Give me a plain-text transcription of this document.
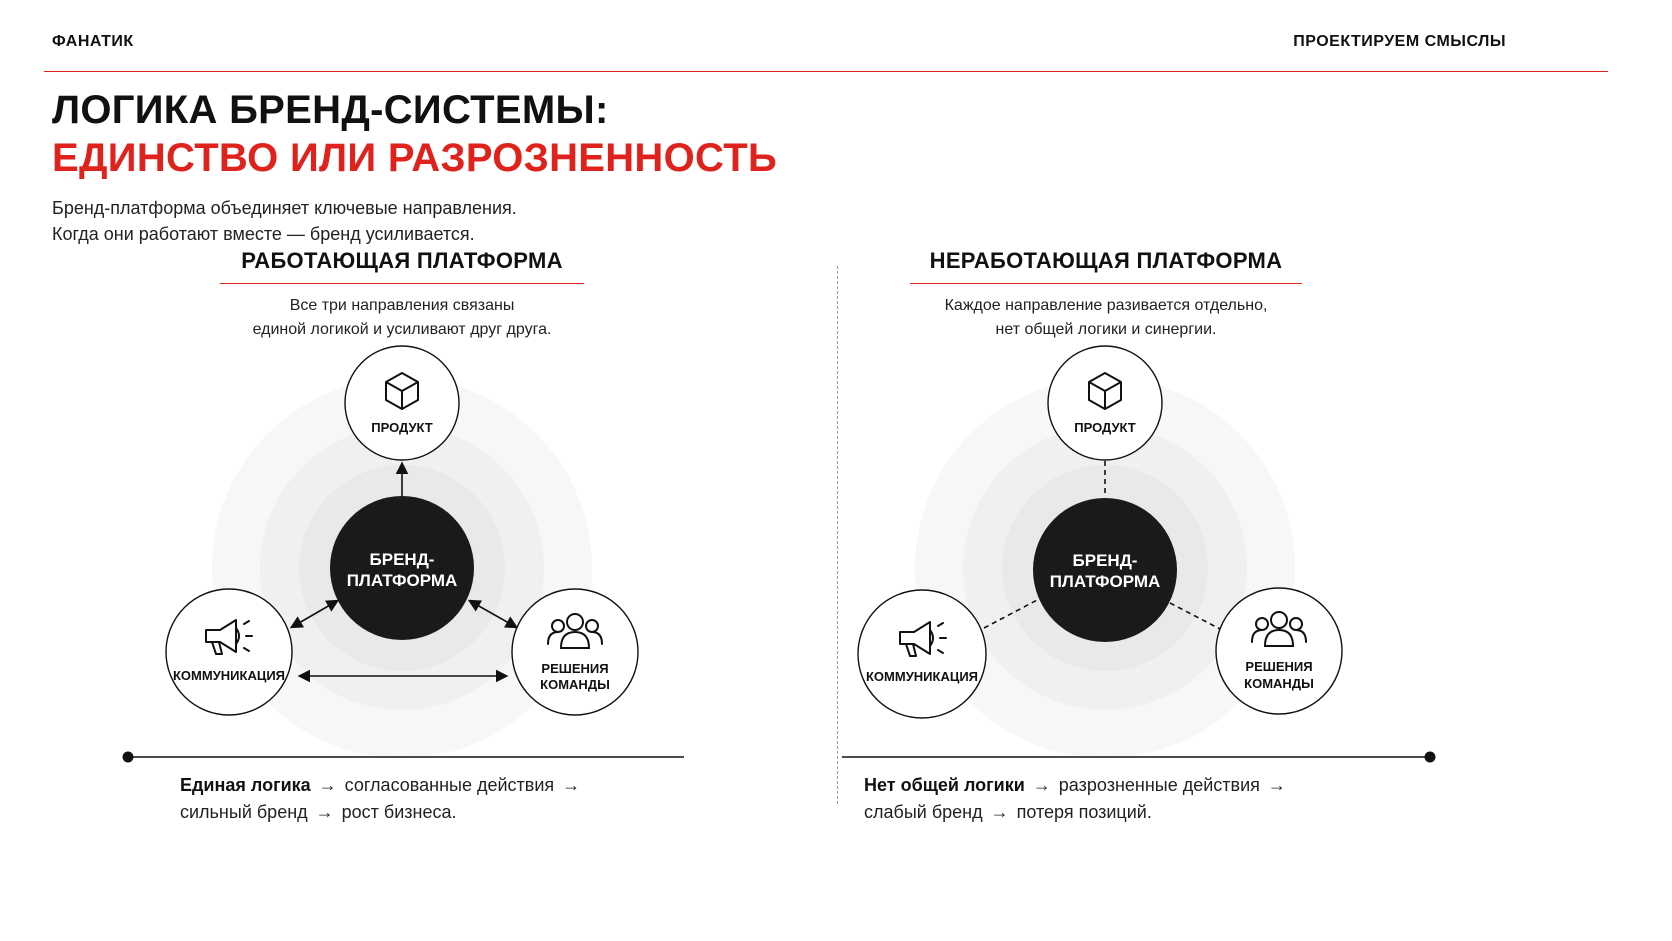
ФАНАТИК	ПРОЕКТИРУЕМ СМЫСЛЫ
ЛОГИКА БРЕНД-СИСТЕМЫ:
ЕДИНСТВО ИЛИ РАЗРОЗНЕННОСТЬ
Бренд-платформа объединяет ключевые направления.
Когда они работают вместе — бренд усиливается.
РАБОТАЮЩАЯ ПЛАТФОРМА
Все три направления связаны
единой логикой и усиливают друг друга.
НЕРАБОТАЮЩАЯ ПЛАТФОРМА
Каждое направление разивается отдельно,
нет общей логики и синергии.
БРЕНД-
ПЛАТФОРМА
ПРОДУКТ
КОММУНИКАЦИЯ	РЕШЕНИЯ
КОМАНДЫ
БРЕНД-
ПЛАТФОРМА
ПРОДУКТ
КОММУНИКАЦИЯ
РЕШЕНИЯ
КОМАНДЫ
Единая логика → согласованные действия →
сильный бренд → рост бизнеса.
Нет общей логики → разрозненные действия →
слабый бренд → потеря позиций.
